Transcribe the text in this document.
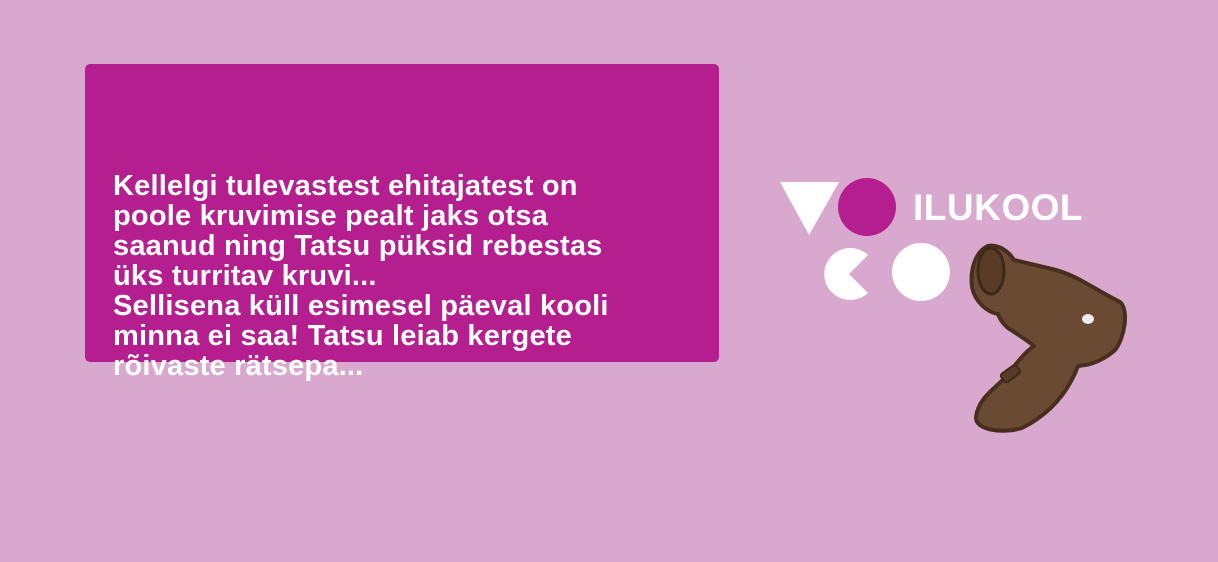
Kellelgi tulevastest ehitajatest on
poole kruvimise pealt jaks otsa
saanud ning Tatsu püksid rebestas
üks turritav kruvi...
Sellisena küll esimesel päeval kooli
minna ei saa! Tatsu leiab kergete
rõivaste rätsepa...

ILUKOOL
